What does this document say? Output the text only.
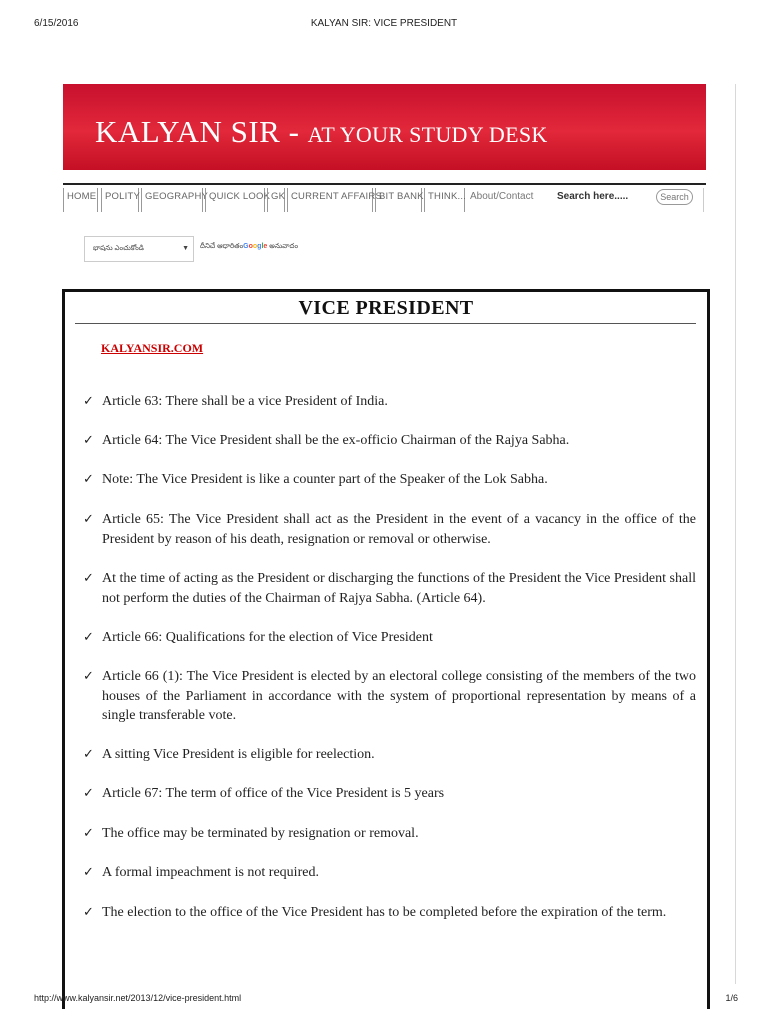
6/15/2016	KALYAN SIR: VICE PRESIDENT
KALYAN SIR - AT YOUR STUDY DESK
HOME POLITY GEOGRAPHY QUICK LOOK GK CURRENT AFFAIRS
BIT BANK THINK... About/Contact Search here.....	Search
భాషను ఎంచుకోండి	▼ దీనిచే ఆధారితంGoogle అనువాదం
VICE PRESIDENT
KALYANSIR.COM
✓ Article 63: There shall be a vice President of India.
✓ Article 64: The Vice President shall be the ex-officio Chairman of the Rajya Sabha.
✓ Note: The Vice President is like a counter part of the Speaker of the Lok Sabha.
✓ Article 65: The Vice President shall act as the President in the event of a vacancy in the office of the President by reason of his death, resignation or removal or otherwise.
✓ At the time of acting as the President or discharging the functions of the President the Vice President shall not perform the duties of the Chairman of Rajya Sabha. (Article 64).
✓ Article 66: Qualifications for the election of Vice President
✓ Article 66 (1): The Vice President is elected by an electoral college consisting of the members of the two houses of the Parliament in accordance with the system of proportional representation by means of a single transferable vote.
✓ A sitting Vice President is eligible for reelection.
✓ Article 67: The term of office of the Vice President is 5 years
✓ The office may be terminated by resignation or removal.
✓ A formal impeachment is not required.
✓ The election to the office of the Vice President has to be completed before the expiration of the term.
http://www.kalyansir.net/2013/12/vice-president.html	1/6
